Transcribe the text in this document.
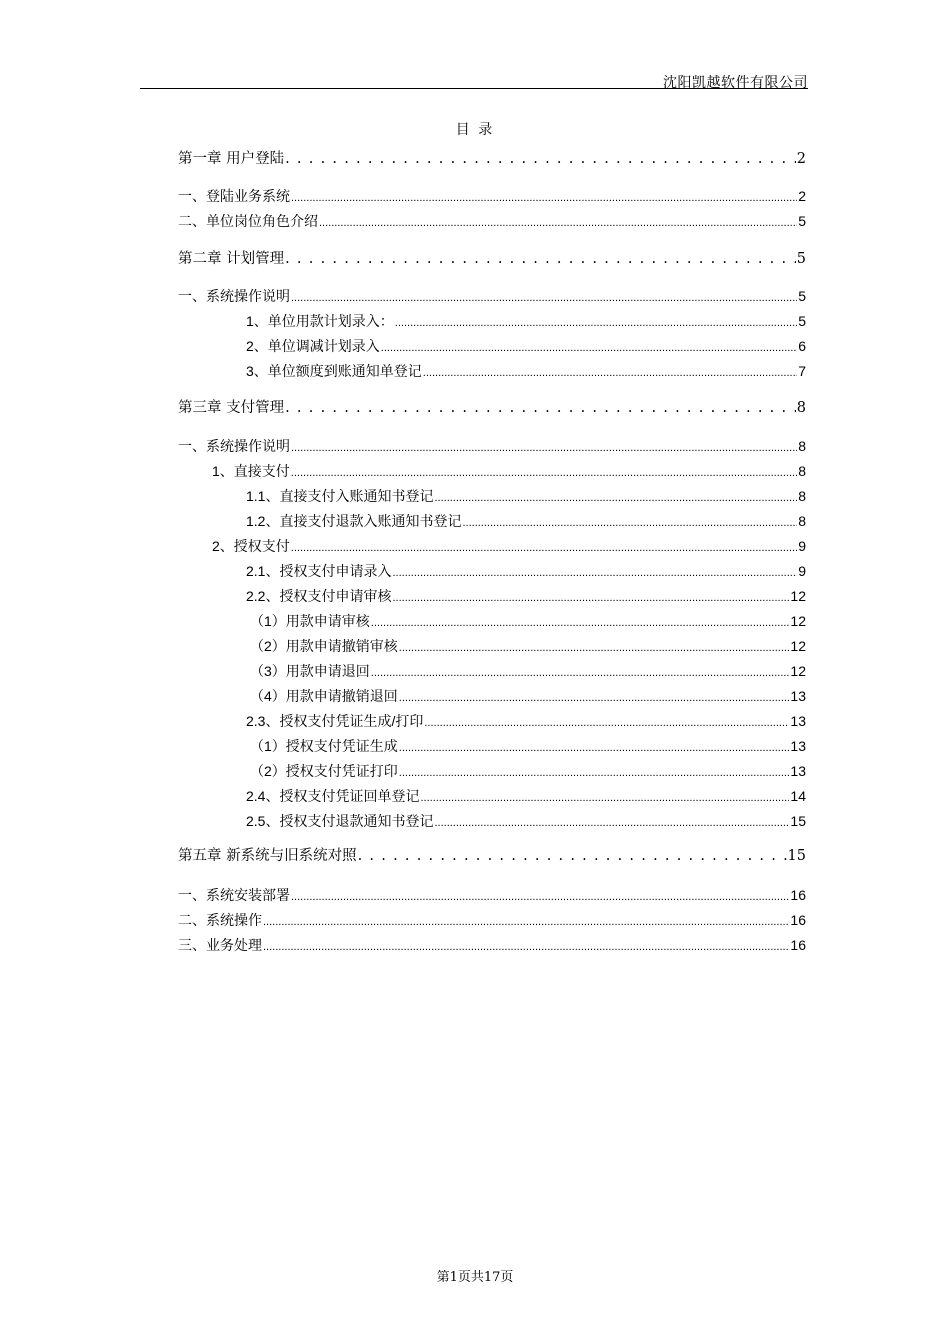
沈阳凯越软件有限公司
目 录
第一章 用户登陆 . . .	2
一、登陆业务系统 .....	2
二、单位岗位角色介绍 .....	5
第二章 计划管理 . . .	5
一、系统操作说明 .....	5
1、单位用款计划录入： .....	5
2、单位调减计划录入 .....	6
3、单位额度到账通知单登记 .....	7
第三章 支付管理 . . .	8
一、系统操作说明 .....	8
1、直接支付 .....	8
1.1、直接支付入账通知书登记 .....	8
1.2、直接支付退款入账通知书登记 .....	8
2、授权支付 .....	9
2.1、授权支付申请录入 .....	9
2.2、授权支付申请审核 .....	12
（1）用款申请审核 .....	12
（2）用款申请撤销审核 .....	12
（3）用款申请退回 .....	12
（4）用款申请撤销退回 .....	13
2.3、授权支付凭证生成/打印 .....	13
（1）授权支付凭证生成 .....	13
（2）授权支付凭证打印 .....	13
2.4、授权支付凭证回单登记 .....	14
2.5、授权支付退款通知书登记 .....	15
第五章 新系统与旧系统对照 . . .	15
一、系统安装部署 .....	16
二、系统操作 .....	16
三、业务处理 .....	16
第1页共17页
